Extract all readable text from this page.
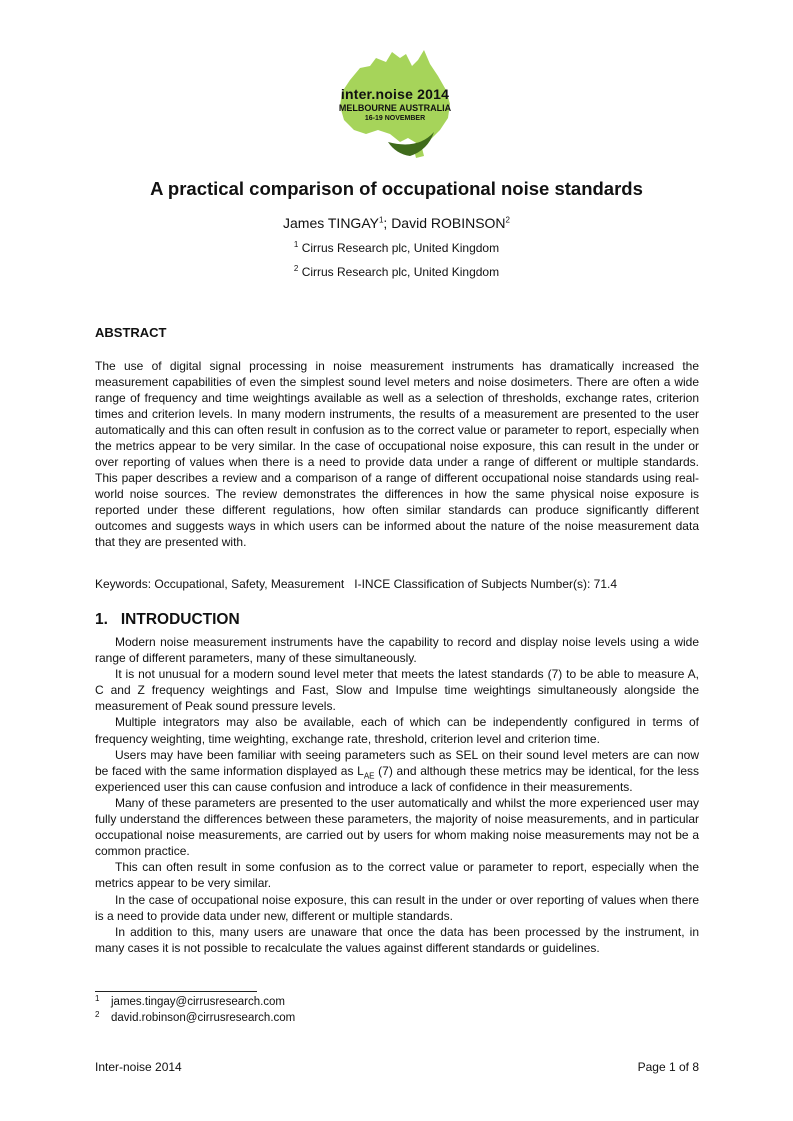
inter.noise 2014
MELBOURNE AUSTRALIA
16-19 NOVEMBER
A practical comparison of occupational noise standards
James TINGAY$^1$; David ROBINSON$^2$
$^1$ Cirrus Research plc, United Kingdom
$^2$ Cirrus Research plc, United Kingdom
ABSTRACT
The use of digital signal processing in noise measurement instruments has dramatically increased the measurement capabilities of even the simplest sound level meters and noise dosimeters. There are often a wide range of frequency and time weightings available as well as a selection of thresholds, exchange rates, criterion times and criterion levels. In many modern instruments, the results of a measurement are presented to the user automatically and this can often result in confusion as to the correct value or parameter to report, especially when the metrics appear to be very similar. In the case of occupational noise exposure, this can result in the under or over reporting of values when there is a need to provide data under a range of different or multiple standards. This paper describes a review and a comparison of a range of different occupational noise standards using real-world noise sources. The review demonstrates the differences in how the same physical noise exposure is reported under these different regulations, how often similar standards can produce significantly different outcomes and suggests ways in which users can be informed about the nature of the noise measurement data that they are presented with.
Keywords: Occupational, Safety, Measurement I-INCE Classification of Subjects Number(s): 71.4
1. INTRODUCTION

Modern noise measurement instruments have the capability to record and display noise levels using a wide range of different parameters, many of these simultaneously.

It is not unusual for a modern sound level meter that meets the latest standards (7) to be able to measure A, C and Z frequency weightings and Fast, Slow and Impulse time weightings simultaneously alongside the measurement of Peak sound pressure levels.

Multiple integrators may also be available, each of which can be independently configured in terms of frequency weighting, time weighting, exchange rate, threshold, criterion level and criterion time.

Users may have been familiar with seeing parameters such as SEL on their sound level meters are can now be faced with the same information displayed as $L_{AE}$ (7) and although these metrics may be identical, for the less experienced user this can cause confusion and introduce a lack of confidence in their measurements.

Many of these parameters are presented to the user automatically and whilst the more experienced user may fully understand the differences between these parameters, the majority of noise measurements, and in particular occupational noise measurements, are carried out by users for whom making noise measurements may not be a common practice.

This can often result in some confusion as to the correct value or parameter to report, especially when the metrics appear to be very similar.

In the case of occupational noise exposure, this can result in the under or over reporting of values when there is a need to provide data under new, different or multiple standards.

In addition to this, many users are unaware that once the data has been processed by the instrument, in many cases it is not possible to recalculate the values against different standards or guidelines.

1 james.tingay@cirrusresearch.com
2 david.robinson@cirrusresearch.com
Inter-noise 2014	Page 1 of 8
